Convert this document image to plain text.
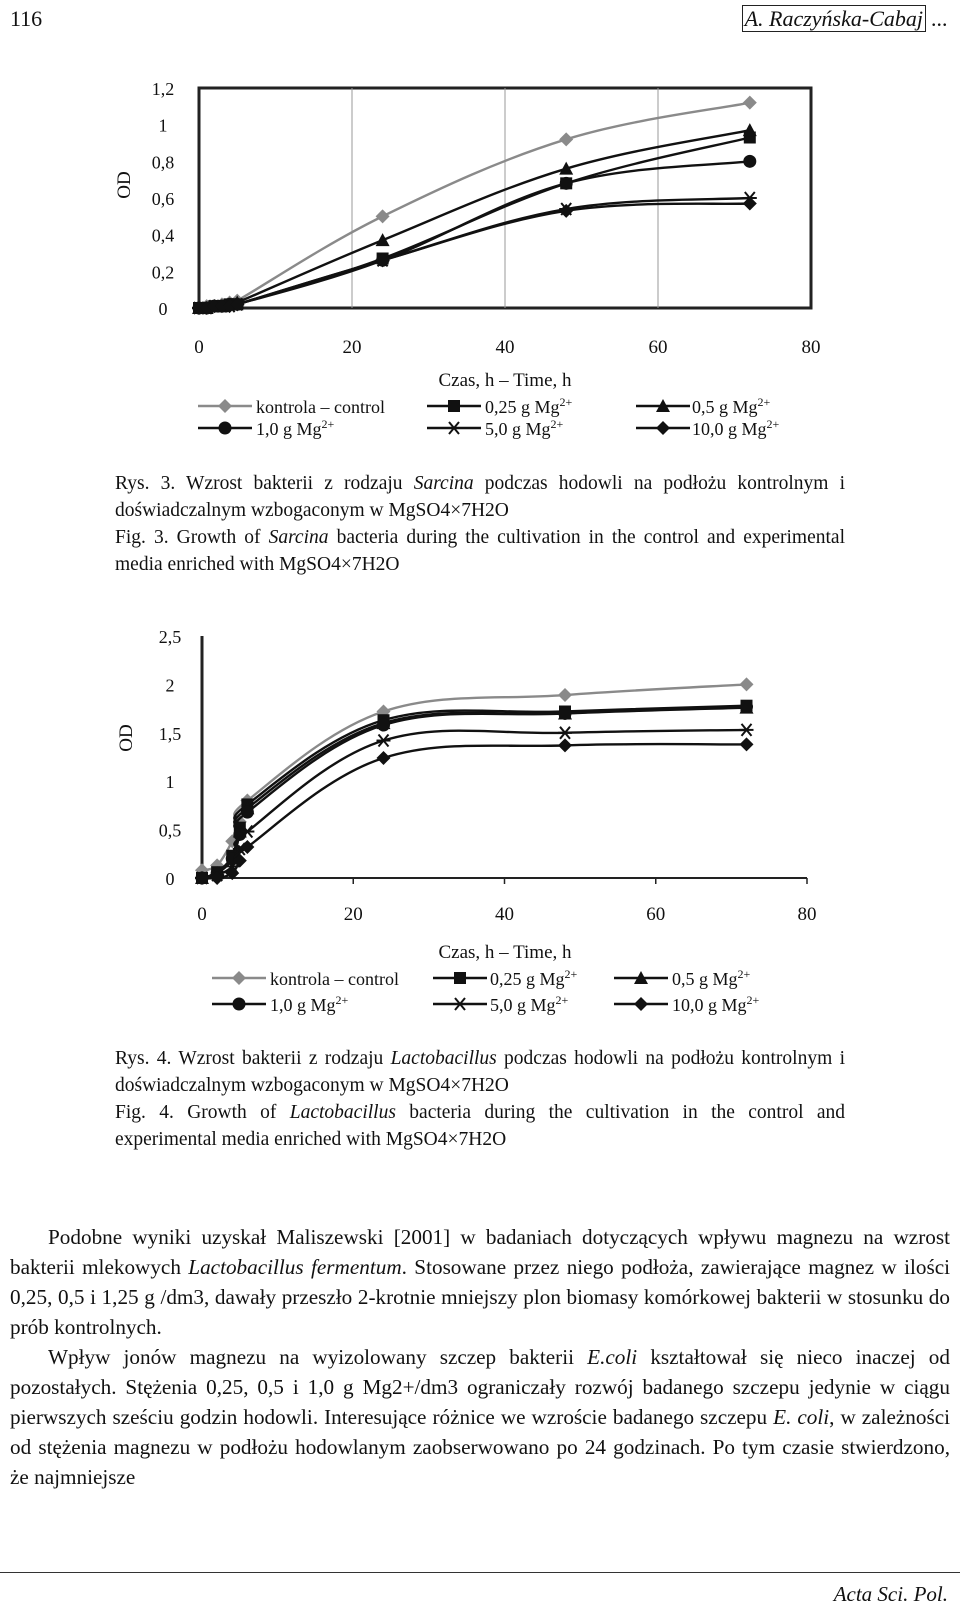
116	A. Raczyńska-Cabaj ...
0
0,2
0,4
0,6
0,8
1
1,2
0	20	40	60	80
OD
Czas, h – Time, h
kontrola – control	0,25 g $Mg^{2+}$	0,5 g $Mg^{2+}$
1,0 g $Mg^{2+}$	5,0 g $Mg^{2+}$	10,0 g $Mg^{2+}$

Rys. 3. Wzrost bakterii z rodzaju Sarcina podczas hodowli na podłożu kontrolnym i doświadczalnym wzbogaconym w MgSO4×7H2O

Fig. 3. Growth of Sarcina bacteria during the cultivation in the control and experimental media enriched with MgSO4×7H2O

0
0,5
1
1,5
2
2,5
0	20	40	60	80
OD
Czas, h – Time, h
kontrola – control	0,25 g $Mg^{2+}$	0,5 g $Mg^{2+}$
1,0 g $Mg^{2+}$	5,0 g $Mg^{2+}$	10,0 g $Mg^{2+}$

Rys. 4. Wzrost bakterii z rodzaju Lactobacillus podczas hodowli na podłożu kontrolnym i doświadczalnym wzbogaconym w MgSO4×7H2O

Fig. 4. Growth of Lactobacillus bacteria during the cultivation in the control and experimental media enriched with MgSO4×7H2O

Podobne wyniki uzyskał Maliszewski [2001] w badaniach dotyczących wpływu magnezu na wzrost bakterii mlekowych Lactobacillus fermentum. Stosowane przez niego podłoża, zawierające magnez w ilości 0,25, 0,5 i 1,25 g /dm3, dawały przeszło 2-krotnie mniejszy plon biomasy komórkowej bakterii w stosunku do prób kontrolnych.

Wpływ jonów magnezu na wyizolowany szczep bakterii E.coli kształtował się nieco inaczej od pozostałych. Stężenia 0,25, 0,5 i 1,0 g Mg2+/dm3 ograniczały rozwój badanego szczepu jedynie w ciągu pierwszych sześciu godzin hodowli. Interesujące różnice we wzroście badanego szczepu E. coli, w zależności od stężenia magnezu w podłożu hodowlanym zaobserwowano po 24 godzinach. Po tym czasie stwierdzono, że najmniejsze

Acta Sci. Pol.
